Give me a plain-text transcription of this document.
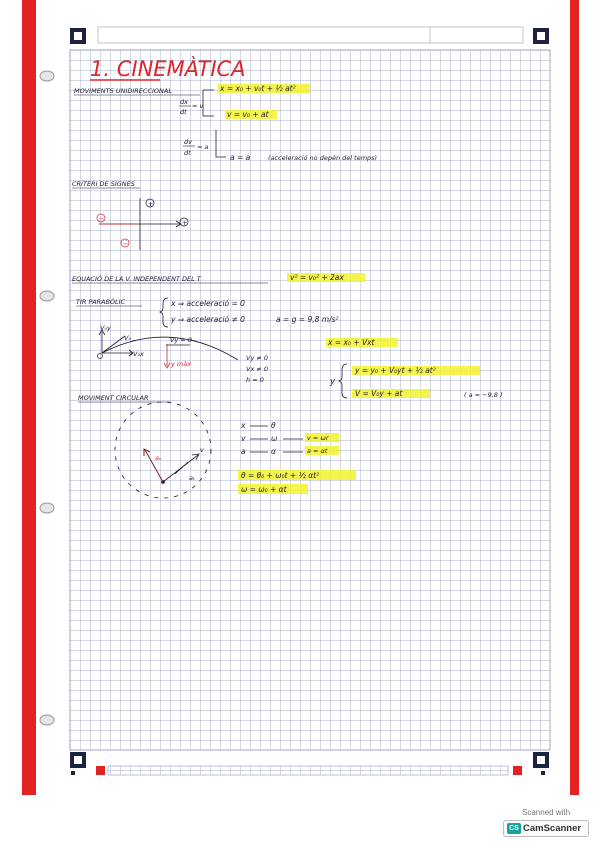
1. CINEMÀTICA
MOVIMENTS UNIDIRECCIONAL	x = x₀ + v₀t + ½ at²
dx
dt
= v
v = v₀ + at
dv
dt
= a
a = a	(acceleració no depèn del temps)
CRITERI DE SIGNES
+
+
−
−
EQUACIÓ DE LA V. INDEPENDENT DEL T	v² = v₀² + 2ax
TIR PARABÒLIC	x ⇒ acceleració = 0
y ⇒ acceleració ≠ 0	a = g = 9,8 m/s²
V₀y
V₀
V₀x
Vy = 0
y màx
Vy ≠ 0
Vx ≠ 0
h = 0
x = x₀ + Vxt
y
y = y₀ + V₀yt + ½ at²
V = V₀y + at	( a = −9,8 )
MOVIMENT CIRCULAR
aₙ
v
aₜ
x	θ
v	ω	v = ωr
a	α	a = αt
θ = θ₀ + ω₀t + ½ αt²
ω = ω₀ + αt
Scanned with
CS CamScanner
